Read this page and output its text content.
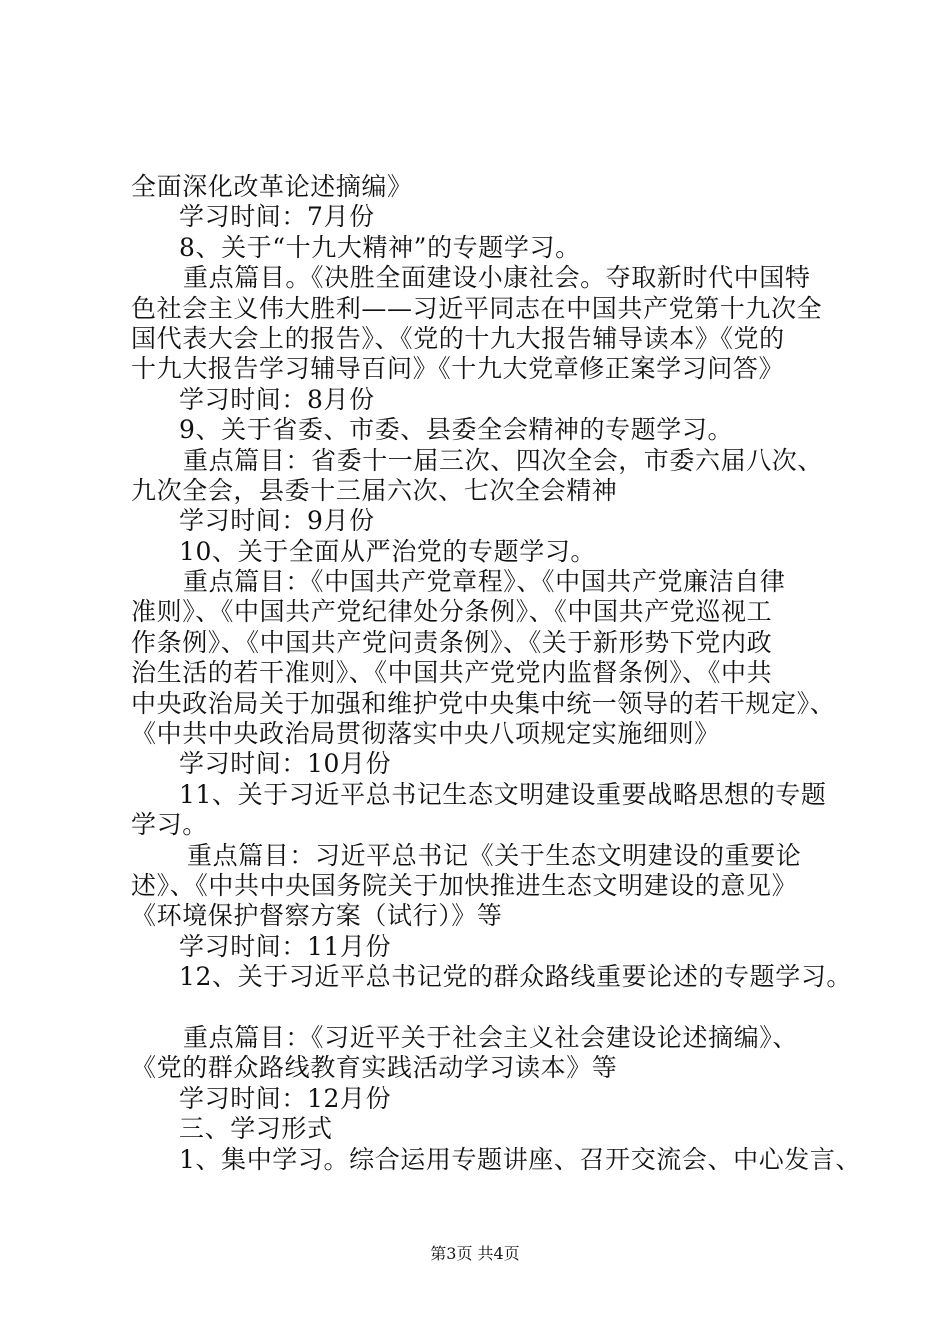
全面深化改革论述摘编》
学习时间：7月份
8、关于“十九大精神”的专题学习。
重点篇目。《决胜全面建设小康社会。夺取新时代中国特
色社会主义伟大胜利——习近平同志在中国共产党第十九次全
国代表大会上的报告》、《党的十九大报告辅导读本》《党的
十九大报告学习辅导百问》《十九大党章修正案学习问答》
学习时间：8月份
9、关于省委、市委、县委全会精神的专题学习。
重点篇目：省委十一届三次、四次全会，市委六届八次、
九次全会，县委十三届六次、七次全会精神
学习时间：9月份
10、关于全面从严治党的专题学习。
重点篇目：《中国共产党章程》、《中国共产党廉洁自律
准则》、《中国共产党纪律处分条例》、《中国共产党巡视工
作条例》、《中国共产党问责条例》、《关于新形势下党内政
治生活的若干准则》、《中国共产党党内监督条例》、《中共
中央政治局关于加强和维护党中央集中统一领导的若干规定》、
《中共中央政治局贯彻落实中央八项规定实施细则》
学习时间：10月份
11、关于习近平总书记生态文明建设重要战略思想的专题
学习。
重点篇目：习近平总书记《关于生态文明建设的重要论
述》、《中共中央国务院关于加快推进生态文明建设的意见》
《环境保护督察方案（试行）》等
学习时间：11月份
12、关于习近平总书记党的群众路线重要论述的专题学习。
重点篇目：《习近平关于社会主义社会建设论述摘编》、
《党的群众路线教育实践活动学习读本》等
学习时间：12月份
三、学习形式
1、集中学习。综合运用专题讲座、召开交流会、中心发言、
第3页 共4页
